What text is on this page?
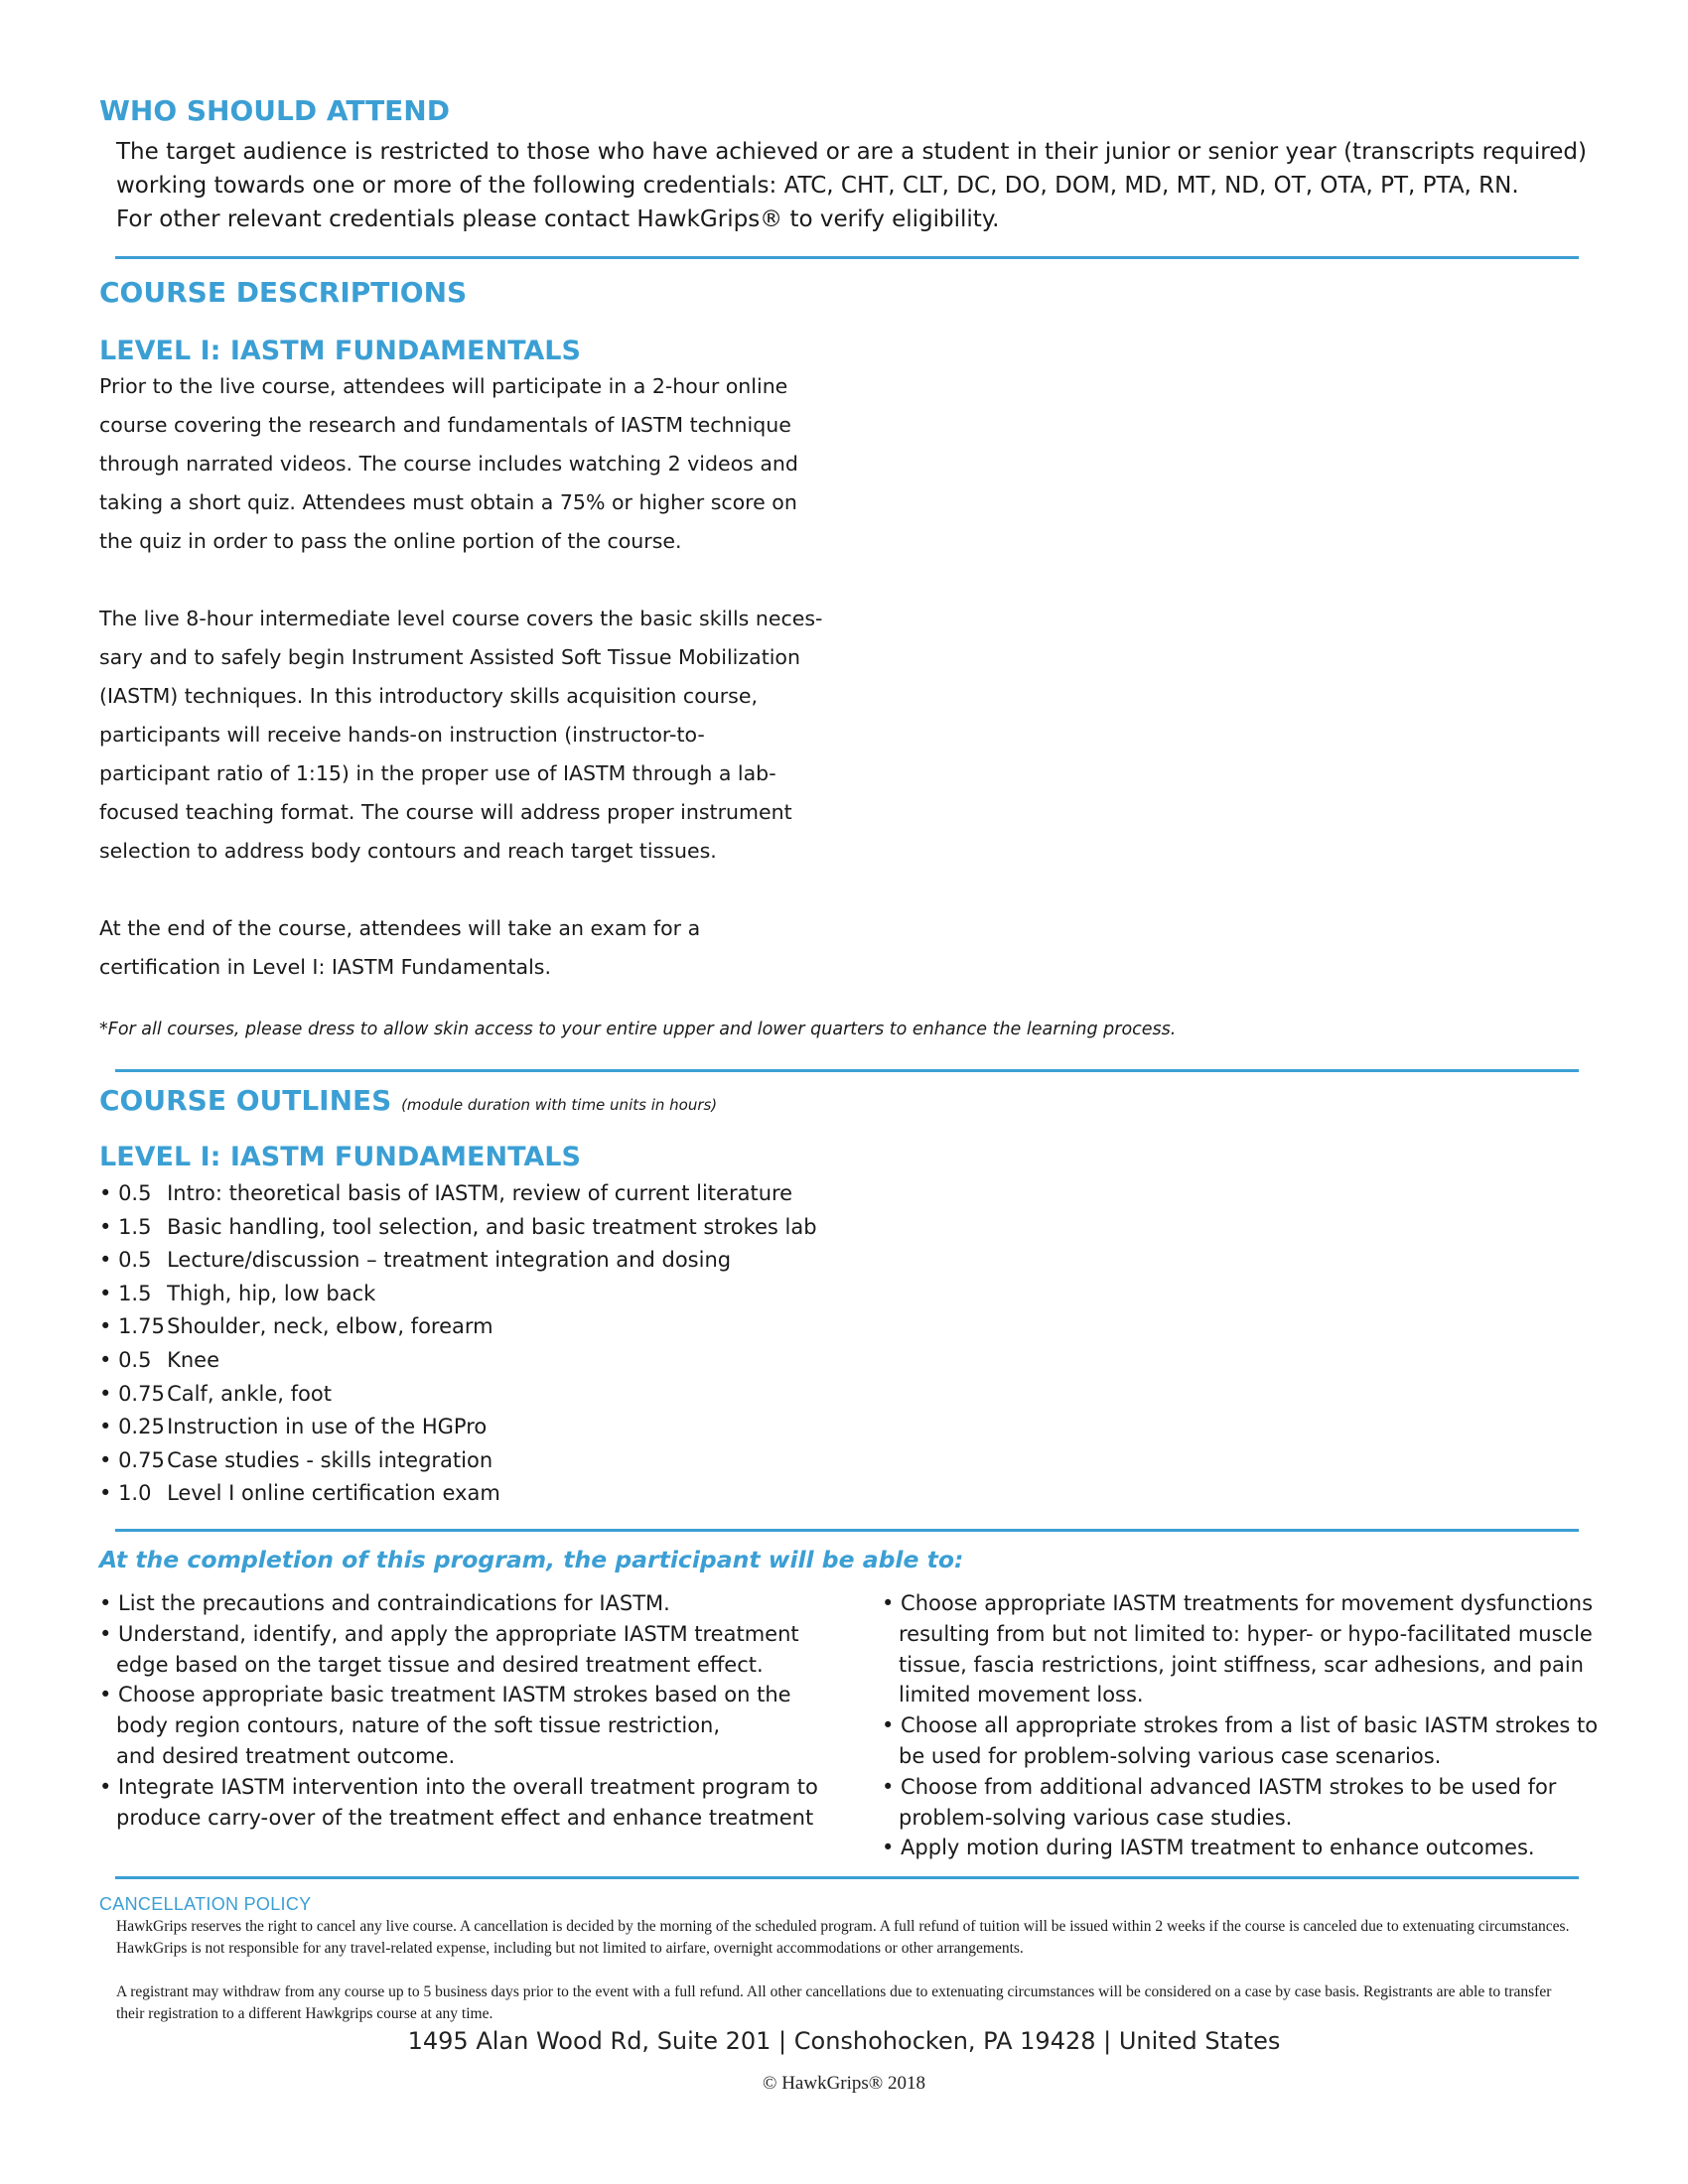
WHO SHOULD ATTEND
The target audience is restricted to those who have achieved or are a student in their junior or senior year (transcripts required)
working towards one or more of the following credentials: ATC, CHT, CLT, DC, DO, DOM, MD, MT, ND, OT, OTA, PT, PTA, RN.
For other relevant credentials please contact HawkGrips® to verify eligibility.
COURSE DESCRIPTIONS
LEVEL I: IASTM FUNDAMENTALS
Prior to the live course, attendees will participate in a 2-hour online
course covering the research and fundamentals of IASTM technique
through narrated videos. The course includes watching 2 videos and
taking a short quiz. Attendees must obtain a 75% or higher score on
the quiz in order to pass the online portion of the course.
The live 8-hour intermediate level course covers the basic skills neces-
sary and to safely begin Instrument Assisted Soft Tissue Mobilization
(IASTM) techniques. In this introductory skills acquisition course,
participants will receive hands-on instruction (instructor-to-
participant ratio of 1:15) in the proper use of IASTM through a lab-
focused teaching format. The course will address proper instrument
selection to address body contours and reach target tissues.
At the end of the course, attendees will take an exam for a
certification in Level I: IASTM Fundamentals.
*For all courses, please dress to allow skin access to your entire upper and lower quarters to enhance the learning process.
COURSE OUTLINES (module duration with time units in hours)
LEVEL I: IASTM FUNDAMENTALS
• 0.5 Intro: theoretical basis of IASTM, review of current literature
• 1.5 Basic handling, tool selection, and basic treatment strokes lab
• 0.5 Lecture/discussion – treatment integration and dosing
• 1.5 Thigh, hip, low back
• 1.75 Shoulder, neck, elbow, forearm
• 0.5 Knee
• 0.75 Calf, ankle, foot
• 0.25 Instruction in use of the HGPro
• 0.75 Case studies - skills integration
• 1.0 Level I online certification exam
At the completion of this program, the participant will be able to:
• List the precautions and contraindications for IASTM.
• Understand, identify, and apply the appropriate IASTM treatment
edge based on the target tissue and desired treatment effect.
• Choose appropriate basic treatment IASTM strokes based on the
body region contours, nature of the soft tissue restriction,
and desired treatment outcome.
• Integrate IASTM intervention into the overall treatment program to
produce carry-over of the treatment effect and enhance treatment
• Choose appropriate IASTM treatments for movement dysfunctions
resulting from but not limited to: hyper- or hypo-facilitated muscle
tissue, fascia restrictions, joint stiffness, scar adhesions, and pain
limited movement loss.
• Choose all appropriate strokes from a list of basic IASTM strokes to
be used for problem-solving various case scenarios.
• Choose from additional advanced IASTM strokes to be used for
problem-solving various case studies.
• Apply motion during IASTM treatment to enhance outcomes.
CANCELLATION POLICY

HawkGrips reserves the right to cancel any live course. A cancellation is decided by the morning of the scheduled program. A full refund of tuition will be issued within 2 weeks if the course is canceled due to extenuating circumstances. HawkGrips is not responsible for any travel-related expense, including but not limited to airfare, overnight accommodations or other arrangements.

A registrant may withdraw from any course up to 5 business days prior to the event with a full refund. All other cancellations due to extenuating circumstances will be considered on a case by case basis. Registrants are able to transfer their registration to a different Hawkgrips course at any time.

1495 Alan Wood Rd, Suite 201 | Conshohocken, PA 19428 | United States
© HawkGrips® 2018
